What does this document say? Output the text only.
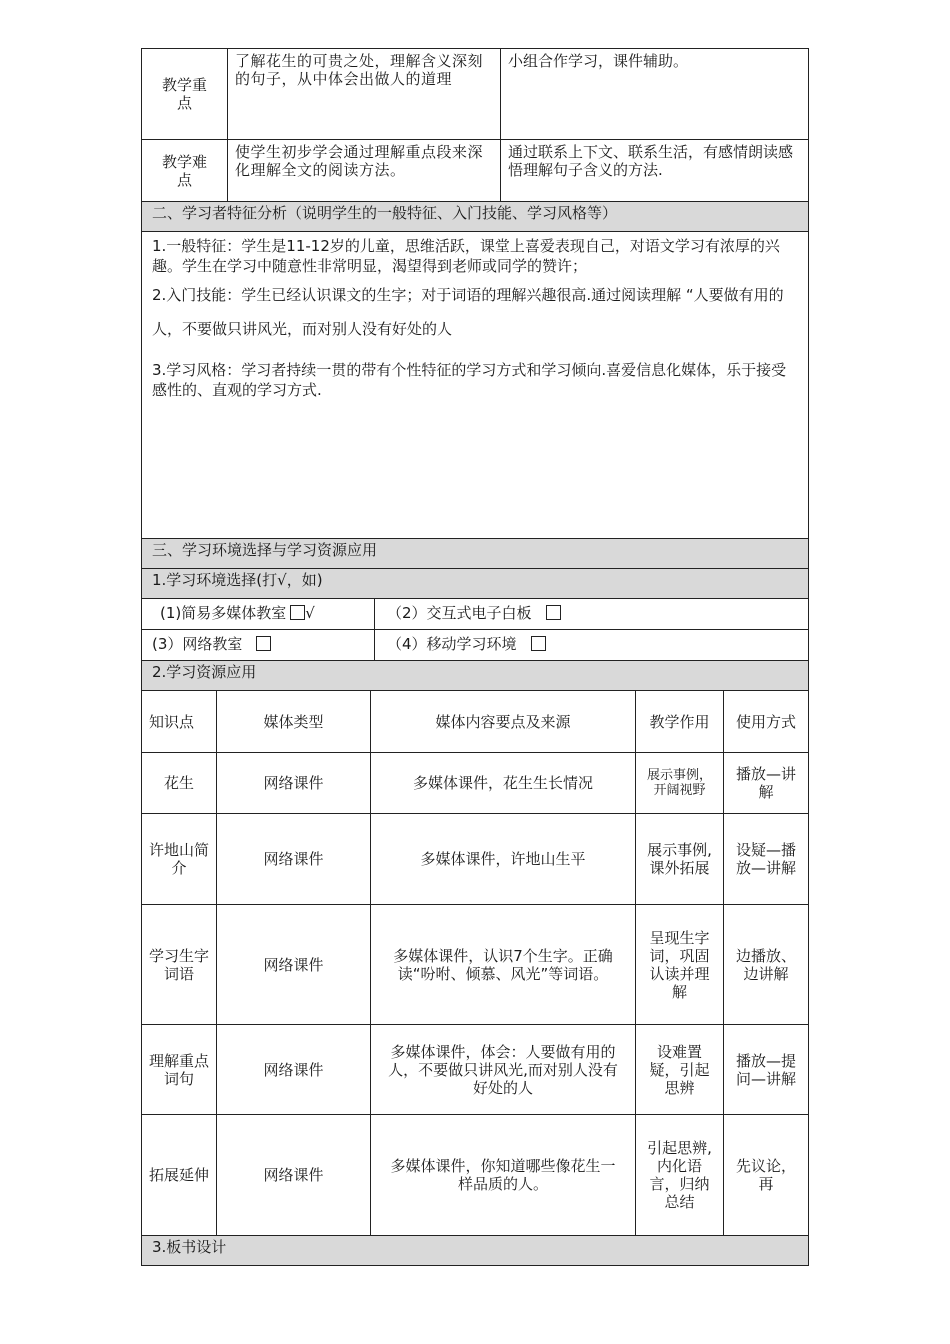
教学重点	了解花生的可贵之处，理解含义深刻的句子，从中体会出做人的道理	小组合作学习，课件辅助。
教学难点	使学生初步学会通过理解重点段来深化理解全文的阅读方法。	通过联系上下文、联系生活，有感情朗读感悟理解句子含义的方法.
二、学习者特征分析（说明学生的一般特征、入门技能、学习风格等）

1.一般特征：学生是11-12岁的儿童，思维活跃，课堂上喜爱表现自己，对语文学习有浓厚的兴趣。学生在学习中随意性非常明显，渴望得到老师或同学的赞许；

2.入门技能：学生已经认识课文的生字；对于词语的理解兴趣很高.通过阅读理解 “人要做有用的人，不要做只讲风光，而对别人没有好处的人

3.学习风格：学习者持续一贯的带有个性特征的学习方式和学习倾向.喜爱信息化媒体，乐于接受感性的、直观的学习方式.

三、学习环境选择与学习资源应用
1.学习环境选择(打√，如)
(1)简易多媒体教室 √	（2）交互式电子白板
(3）网络教室	（4）移动学习环境
2.学习资源应用
知识点	媒体类型	媒体内容要点及来源	教学作用	使用方式
花生	网络课件	多媒体课件，花生生长情况	展示事例，开阔视野	播放—讲解
许地山简介	网络课件	多媒体课件，许地山生平	展示事例,课外拓展	设疑—播放—讲解
学习生字词语	网络课件	多媒体课件，认识7个生字。正确读“吩咐、倾慕、风光”等词语。	呈现生字词，巩固认读并理解	边播放、边讲解
理解重点词句	网络课件	多媒体课件，体会：人要做有用的人，不要做只讲风光,而对别人没有好处的人	设难置疑，引起思辨	播放—提问—讲解
拓展延伸	网络课件	多媒体课件，你知道哪些像花生一样品质的人。	引起思辨,内化语言，归纳总结	先议论，再
3.板书设计
